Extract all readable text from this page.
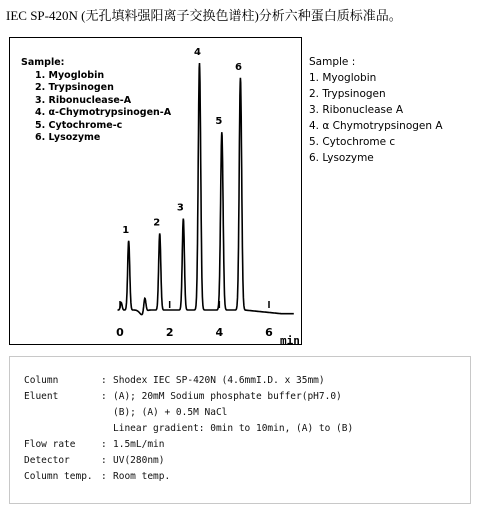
IEC SP-420N (无孔填料强阳离子交换色谱柱)分析六种蛋白质标准品。
1
2
3
4
5
6
0	2	4	6
min
Sample:
1. Myoglobin
2. Trypsinogen
3. Ribonuclease-A
4. α-Chymotrypsinogen-A
5. Cytochrome-c
6. Lysozyme
Sample :
1. Myoglobin
2. Trypsinogen
3. Ribonuclease A
4. α Chymotrypsinogen A
5. Cytochrome c
6. Lysozyme
Column	: Shodex IEC SP-420N (4.6mmI.D. x 35mm)
Eluent	: (A); 20mM Sodium phosphate buffer(pH7.0)
(B); (A) + 0.5M NaCl
Linear gradient: 0min to 10min, (A) to (B)
Flow rate	: 1.5mL/min
Detector	: UV(280nm)
Column temp. : Room temp.
